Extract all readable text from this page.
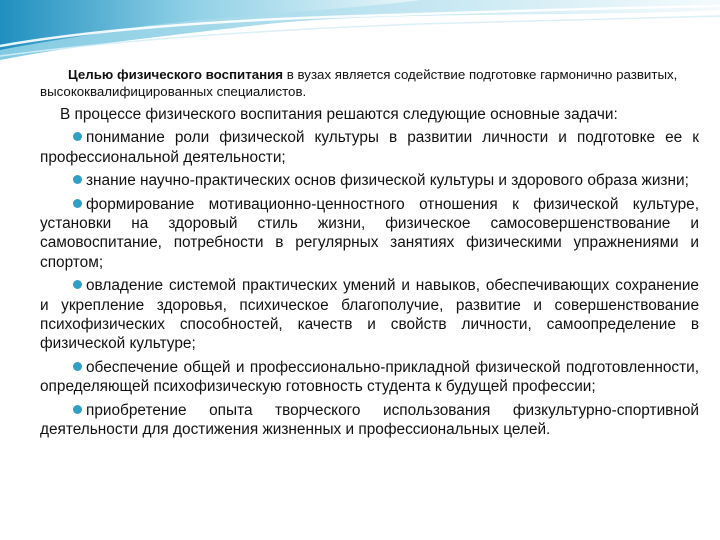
Целью физического воспитания в вузах является содействие подготовке гармонично развитых, высококвалифицированных специалистов.

В процессе физического воспитания решаются следующие основные задачи:

понимание роли физической культуры в развитии личности и подготовке ее к профессиональной деятельности;
знание научно-практических основ физической культуры и здорового образа жизни;
формирование мотивационно-ценностного отношения к физической культуре, установки на здоровый стиль жизни, физическое самосовершенствование и самовоспитание, потребности в регулярных занятиях физическими упражнениями и спортом;
овладение системой практических умений и навыков, обеспечивающих сохранение и укрепление здоровья, психическое благополучие, развитие и совершенствование психофизических способностей, качеств и свойств личности, самоопределение в физической культуре;
обеспечение общей и профессионально-прикладной физической подготовленности, определяющей психофизическую готовность студента к будущей профессии;
приобретение опыта творческого использования физкультурно-спортивной деятельности для достижения жизненных и профессиональных целей.
